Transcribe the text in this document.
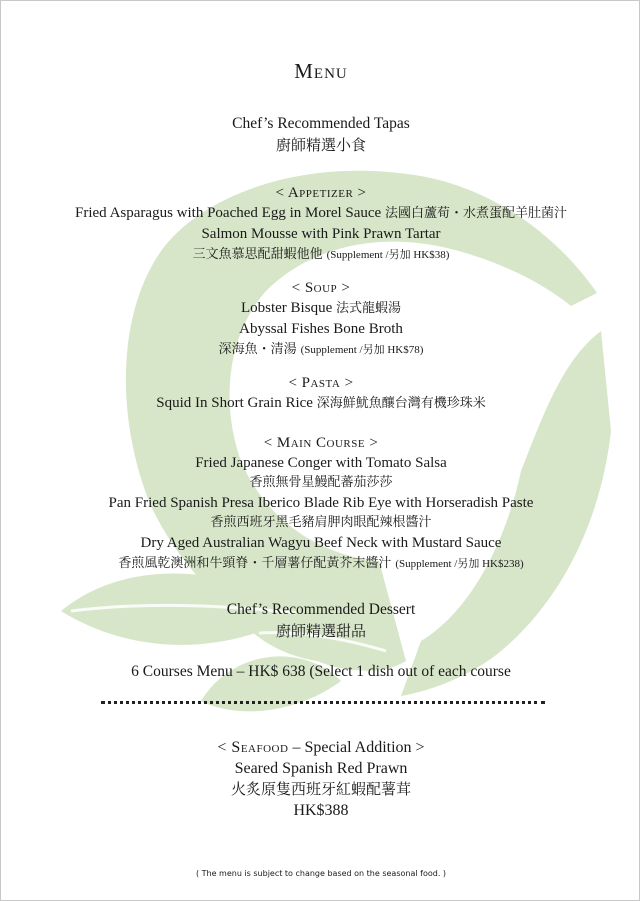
Menu
Chef’s Recommended Tapas
廚師精選小食
< Appetizer >
Fried Asparagus with Poached Egg in Morel Sauce 法國白蘆荀・水煮蛋配羊肚菌汁
Salmon Mousse with Pink Prawn Tartar
三文魚慕思配甜蝦他他 (Supplement /另加 HK$38)
< Soup >
Lobster Bisque 法式龍蝦湯
Abyssal Fishes Bone Broth
深海魚・清湯 (Supplement /另加 HK$78)
< Pasta >
Squid In Short Grain Rice 深海鮮魷魚釀台灣有機珍珠米
< Main Course >
Fried Japanese Conger with Tomato Salsa
香煎無骨星鰻配蕃茄莎莎
Pan Fried Spanish Presa Iberico Blade Rib Eye with Horseradish Paste
香煎西班牙黑毛豬肩胛肉眼配辣根醬汁
Dry Aged Australian Wagyu Beef Neck with Mustard Sauce
香煎風乾澳洲和牛頸脊・千層薯仔配黃芥末醬汁 (Supplement /另加 HK$238)
Chef’s Recommended Dessert
廚師精選甜品
6 Courses Menu – HK$ 638 (Select 1 dish out of each course
< Seafood – Special Addition >
Seared Spanish Red Prawn
火炙原隻西班牙紅蝦配薯茸
HK$388
( The menu is subject to change based on the seasonal food. )
